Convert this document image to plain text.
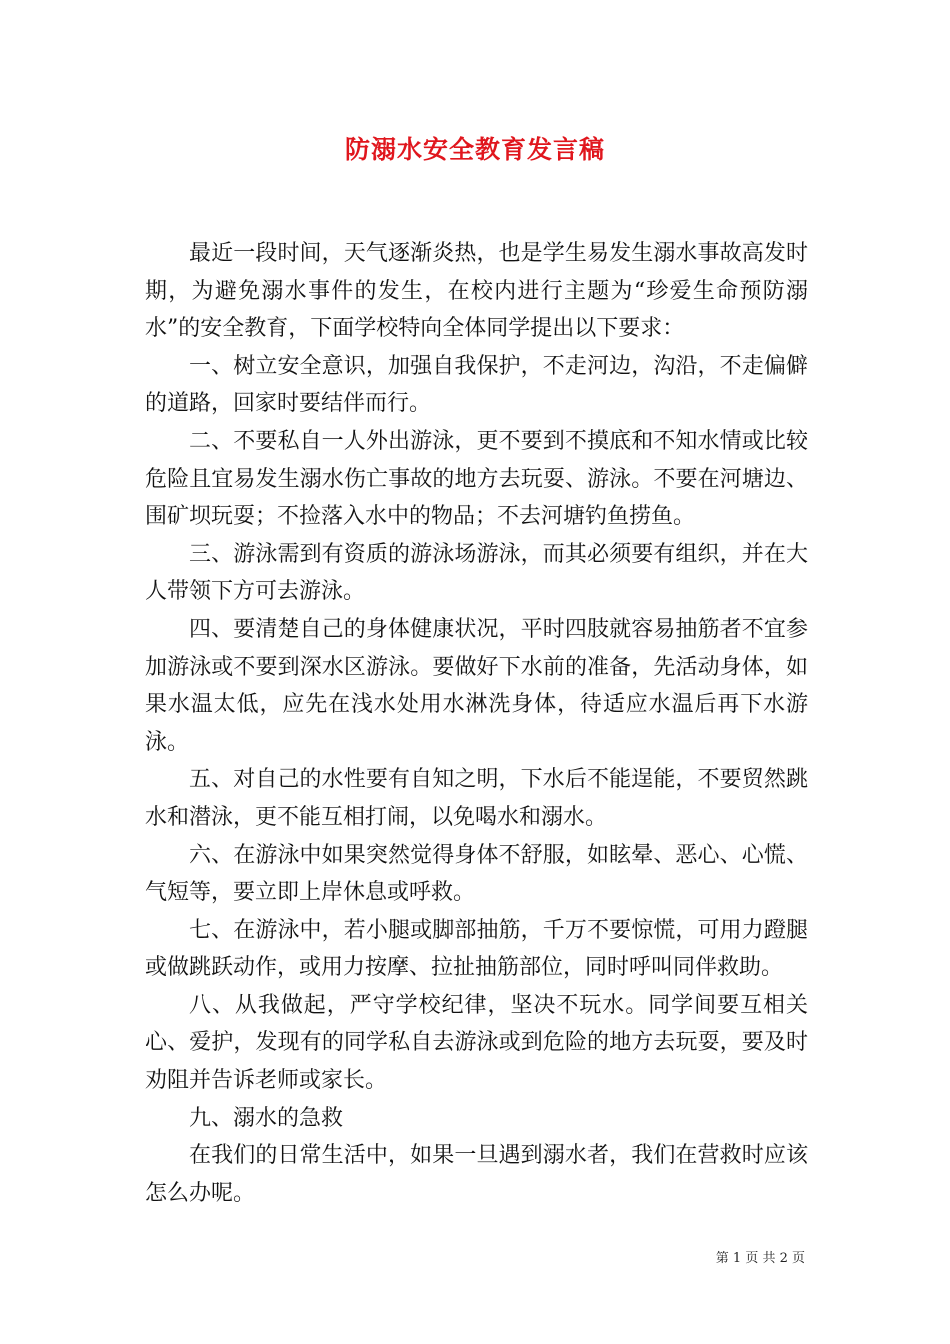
防溺水安全教育发言稿

最近一段时间，天气逐渐炎热，也是学生易发生溺水事故高发时期，为避免溺水事件的发生，在校内进行主题为“珍爱生命预防溺水”的安全教育，下面学校特向全体同学提出以下要求：

一、树立安全意识，加强自我保护，不走河边，沟沿，不走偏僻的道路，回家时要结伴而行。

二、不要私自一人外出游泳，更不要到不摸底和不知水情或比较危险且宜易发生溺水伤亡事故的地方去玩耍、游泳。不要在河塘边、围矿坝玩耍；不捡落入水中的物品；不去河塘钓鱼捞鱼。

三、游泳需到有资质的游泳场游泳，而其必须要有组织，并在大人带领下方可去游泳。

四、要清楚自己的身体健康状况，平时四肢就容易抽筋者不宜参加游泳或不要到深水区游泳。要做好下水前的准备，先活动身体，如果水温太低，应先在浅水处用水淋洗身体，待适应水温后再下水游泳。

五、对自己的水性要有自知之明，下水后不能逞能，不要贸然跳水和潜泳，更不能互相打闹，以免喝水和溺水。

六、在游泳中如果突然觉得身体不舒服，如眩晕、恶心、心慌、气短等，要立即上岸休息或呼救。

七、在游泳中，若小腿或脚部抽筋，千万不要惊慌，可用力蹬腿或做跳跃动作，或用力按摩、拉扯抽筋部位，同时呼叫同伴救助。

八、从我做起，严守学校纪律，坚决不玩水。同学间要互相关心、爱护，发现有的同学私自去游泳或到危险的地方去玩耍，要及时劝阻并告诉老师或家长。

九、溺水的急救

在我们的日常生活中，如果一旦遇到溺水者，我们在营救时应该怎么办呢。

第 1 页 共 2 页
